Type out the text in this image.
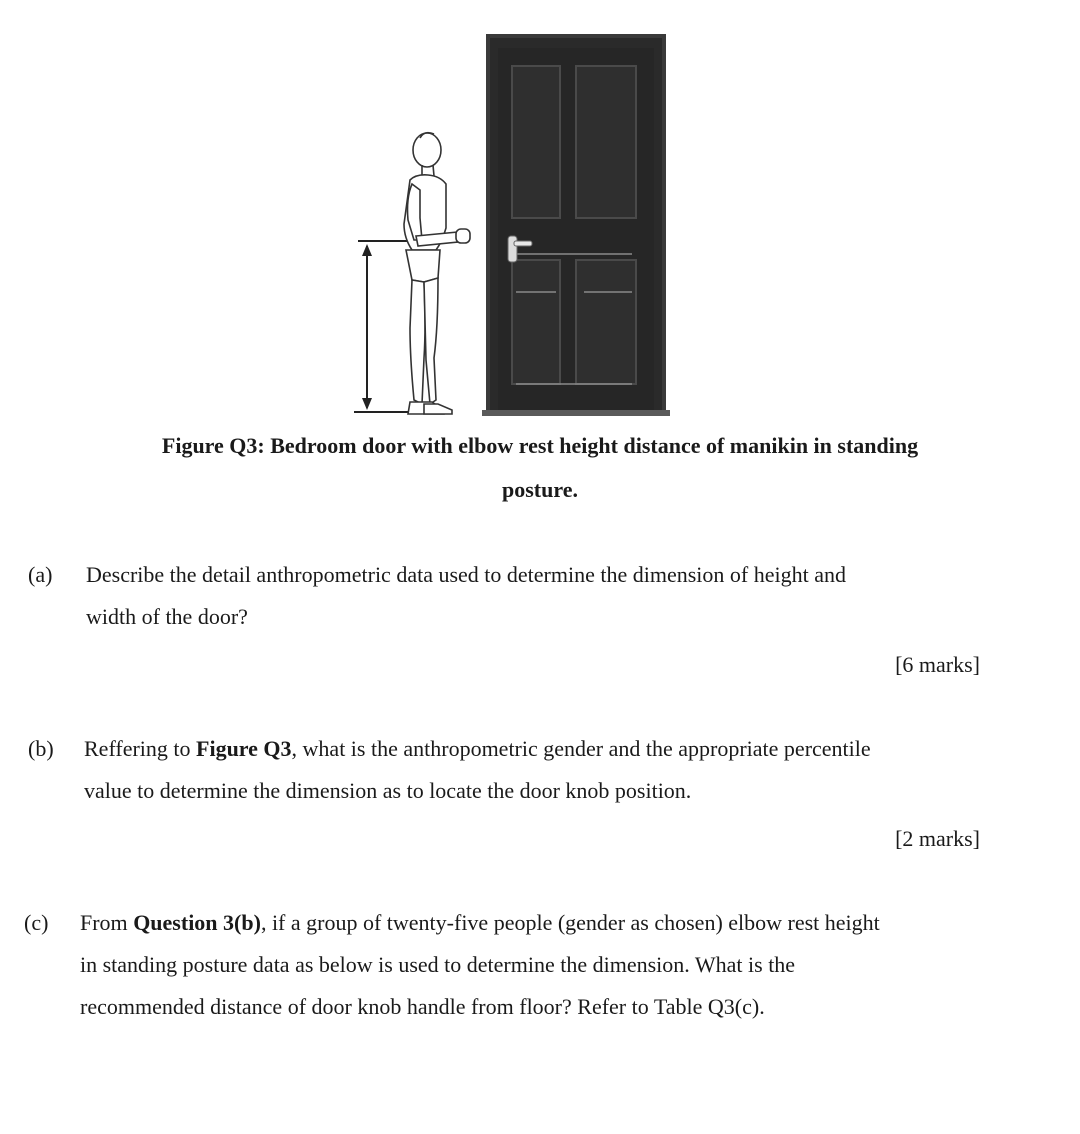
Figure Q3: Bedroom door with elbow rest height distance of manikin in standing
posture.
(a) Describe the detail anthropometric data used to determine the dimension of height and
width of the door?
[6 marks]
(b) Reffering to Figure Q3, what is the anthropometric gender and the appropriate percentile
value to determine the dimension as to locate the door knob position.
[2 marks]
(c) From Question 3(b), if a group of twenty-five people (gender as chosen) elbow rest height
in standing posture data as below is used to determine the dimension. What is the
recommended distance of door knob handle from floor? Refer to Table Q3(c).
